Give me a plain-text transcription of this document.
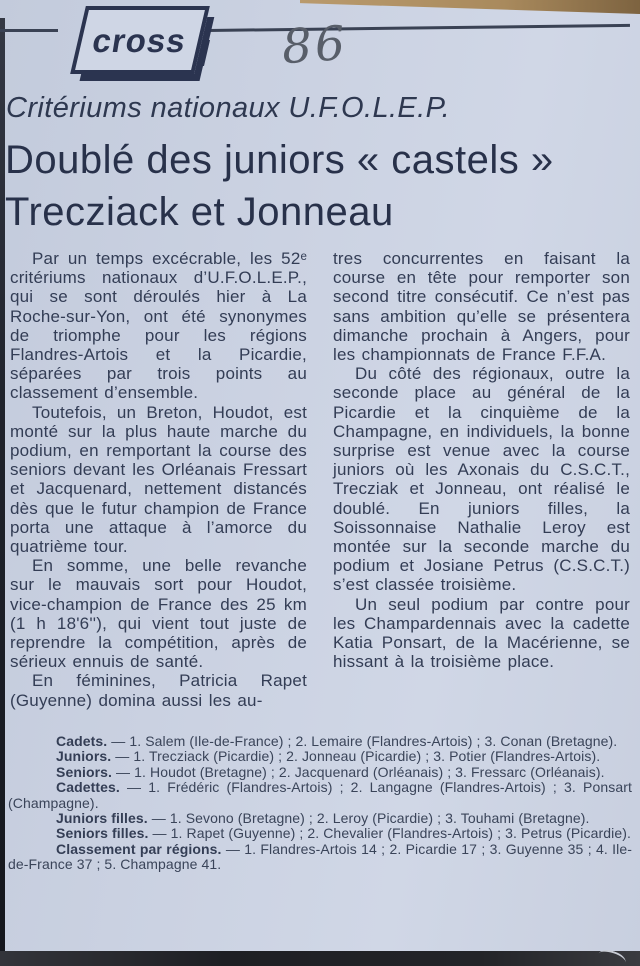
cross 86
Critériums nationaux U.F.O.L.E.P.
Doublé des juniors « castels »
Trecziack et Jonneau

Par un temps excécrable, les 52ᵉ critériums nationaux d’U.F.O.L.E.P., qui se sont déroulés hier à La Roche-sur-Yon, ont été synonymes de triomphe pour les régions Flandres-Artois et la Picardie, séparées par trois points au classement d’ensemble.

Toutefois, un Breton, Houdot, est monté sur la plus haute marche du podium, en remportant la course des seniors devant les Orléanais Fressart et Jacquenard, nettement distancés dès que le futur champion de France porta une attaque à l’amorce du quatrième tour.

En somme, une belle revanche sur le mauvais sort pour Houdot, vice-champion de France des 25 km (1 h 18'6''), qui vient tout juste de reprendre la compétition, après de sérieux ennuis de santé.

En féminines, Patricia Rapet (Guyenne) domina aussi les au-

tres concurrentes en faisant la course en tête pour remporter son second titre consécutif. Ce n’est pas sans ambition qu’elle se présentera dimanche prochain à Angers, pour les championnats de France F.F.A.

Du côté des régionaux, outre la seconde place au général de la Picardie et la cinquième de la Champagne, en individuels, la bonne surprise est venue avec la course juniors où les Axonais du C.S.C.T., Trecziak et Jonneau, ont réalisé le doublé. En juniors filles, la Soissonnaise Nathalie Leroy est montée sur la seconde marche du podium et Josiane Petrus (C.S.C.T.) s’est classée troisième.

Un seul podium par contre pour les Champardennais avec la cadette Katia Ponsart, de la Macérienne, se hissant à la troisième place.

Cadets. — 1. Salem (Ile-de-France) ; 2. Lemaire (Flandres-Artois) ; 3. Conan (Bretagne).

Juniors. — 1. Trecziack (Picardie) ; 2. Jonneau (Picardie) ; 3. Potier (Flandres-Artois).

Seniors. — 1. Houdot (Bretagne) ; 2. Jacquenard (Orléanais) ; 3. Fressarc (Orléanais).

Cadettes. — 1. Frédéric (Flandres-Artois) ; 2. Langagne (Flandres-Artois) ; 3. Ponsart (Champagne).

Juniors filles. — 1. Sevono (Bretagne) ; 2. Leroy (Picardie) ; 3. Touhami (Bretagne).

Seniors filles. — 1. Rapet (Guyenne) ; 2. Chevalier (Flandres-Artois) ; 3. Petrus (Picardie).

Classement par régions. — 1. Flandres-Artois 14 ; 2. Picardie 17 ; 3. Guyenne 35 ; 4. Ile-de-France 37 ; 5. Champagne 41.
